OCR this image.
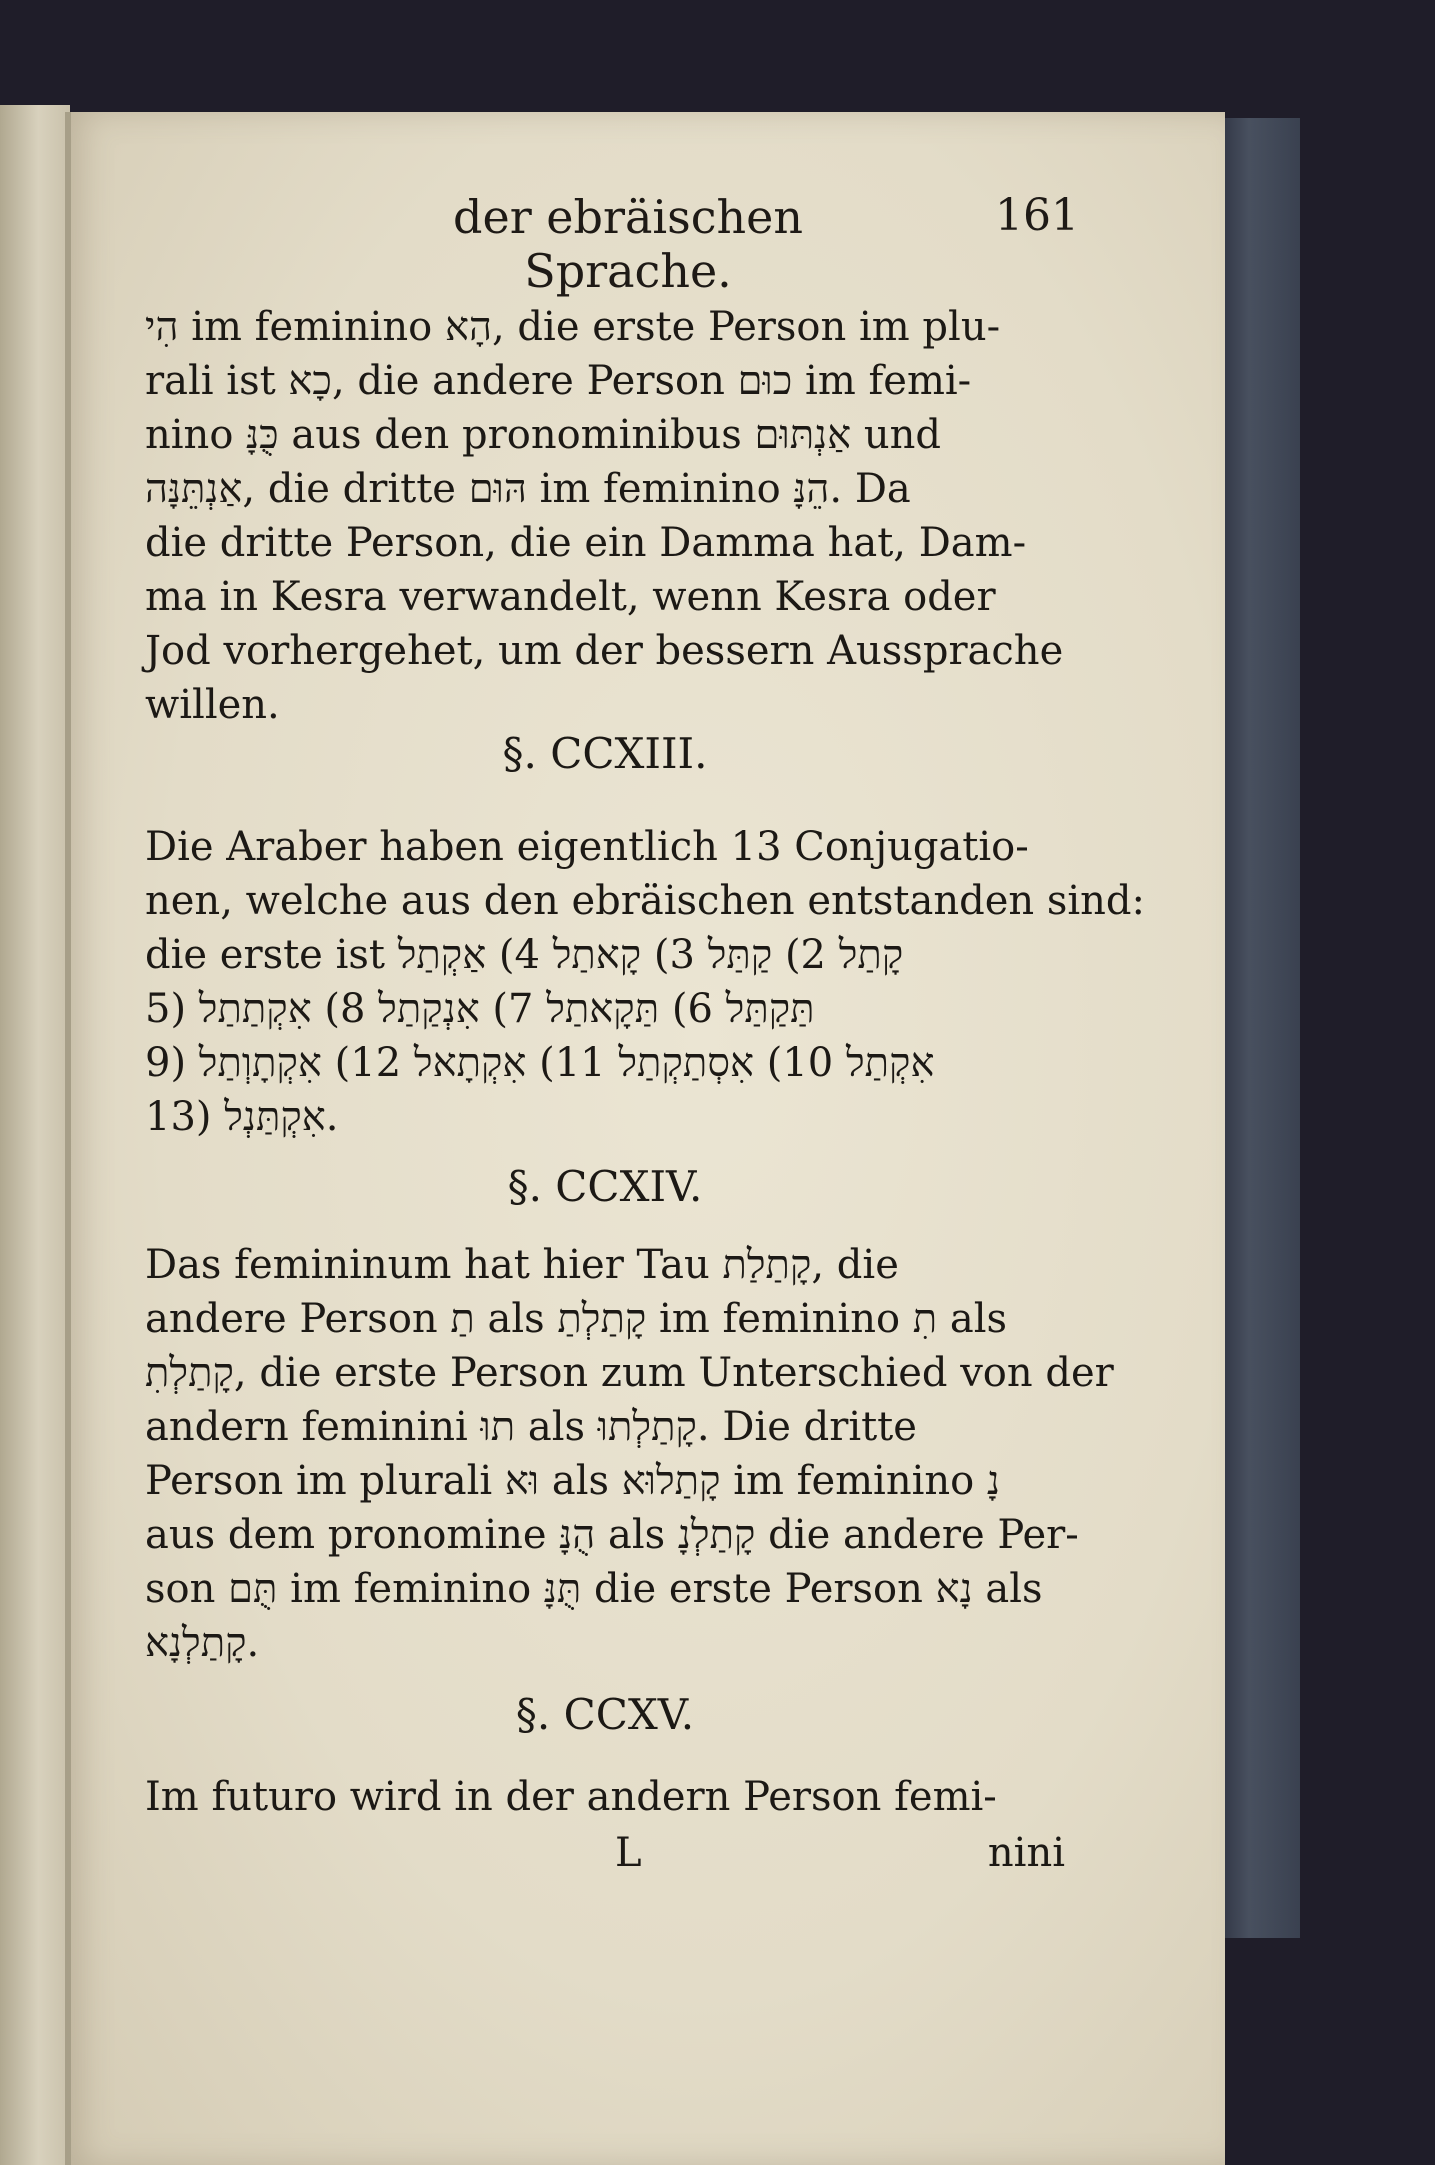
der ebräischen Sprache.
161
הִי im feminino הָא, die erste Person im plu-
rali ist כָא, die andere Person כוּם im femi-
nino כֻּנָּ aus den pronominibus אַנְתּוּם und
אַנְתֵּנָּה, die dritte הּוּם im feminino הֵנָּ. Da
die dritte Person, die ein Damma hat, Dam-
ma in Kesra verwandelt, wenn Kesra oder
Jod vorhergehet, um der bessern Aussprache
willen.
§. CCXIII.
Die Araber haben eigentlich 13 Conjugatio-
nen, welche aus den ebräischen entstanden sind:
die erste ist קָתַל 2) קַתַּל 3) קָאתַל 4) אַקְתַל
5) תַּקַתַּל 6) תַּקָאתַל 7) אִנְקַתַל 8) אִקְתַתַל
9) אִקְתַל 10) אִסְתַקְתַל 11) אִקְתָאל 12) אִקְתָוְתַל
13) אִקְתַּנְל.
§. CCXIV.
Das femininum hat hier Tau קָתַלַת, die
andere Person תַ als קָתַלְתַ im feminino תִ als
קָתַלְתִ, die erste Person zum Unterschied von der
andern feminini תוּ als קָתַלְתוּ. Die dritte
Person im plurali וּא als קָתַלוּא im feminino נָ
aus dem pronomine הֻנָּ als קָתַלְנָ die andere Per-
son תֻּם im feminino תֻּנָּ die erste Person נָא als
קָתַלְנָא.
§. CCXV.
Im futuro wird in der andern Person femi-
L	nini
